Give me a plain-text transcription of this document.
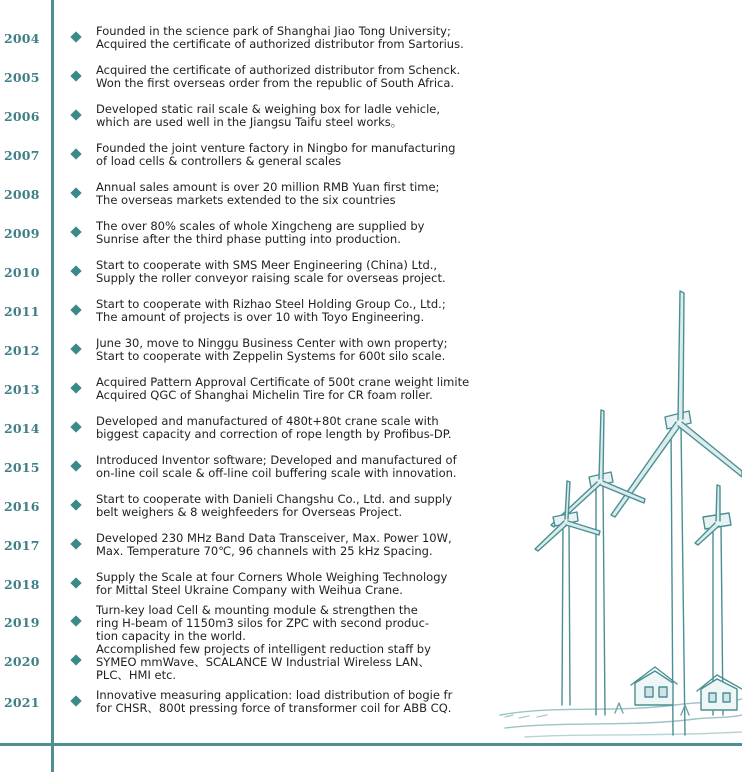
2004	Founded in the science park of Shanghai Jiao Tong University;
Acquired the certificate of authorized distributor from Sartorius.
2005	Acquired the certificate of authorized distributor from Schenck.
Won the first overseas order from the republic of South Africa.
2006	Developed static rail scale & weighing box for ladle vehicle,
which are used well in the Jiangsu Taifu steel works。
2007	Founded the joint venture factory in Ningbo for manufacturing
of load cells & controllers & general scales
2008	Annual sales amount is over 20 million RMB Yuan first time;
The overseas markets extended to the six countries
2009	The over 80% scales of whole Xingcheng are supplied by
Sunrise after the third phase putting into production.
2010	Start to cooperate with SMS Meer Engineering (China) Ltd.,
Supply the roller conveyor raising scale for overseas project.
2011	Start to cooperate with Rizhao Steel Holding Group Co., Ltd.;
The amount of projects is over 10 with Toyo Engineering.
2012	June 30, move to Ninggu Business Center with own property;
Start to cooperate with Zeppelin Systems for 600t silo scale.
2013	Acquired Pattern Approval Certificate of 500t crane weight limite
Acquired QGC of Shanghai Michelin Tire for CR foam roller.
2014	Developed and manufactured of 480t+80t crane scale with
biggest capacity and correction of rope length by Profibus-DP.
2015	Introduced Inventor software; Developed and manufactured of
on-line coil scale & off-line coil buffering scale with innovation.
2016	Start to cooperate with Danieli Changshu Co., Ltd. and supply
belt weighers & 8 weighfeeders for Overseas Project.
2017	Developed 230 MHz Band Data Transceiver, Max. Power 10W,
Max. Temperature 70℃, 96 channels with 25 kHz Spacing.
2018	Supply the Scale at four Corners Whole Weighing Technology
for Mittal Steel Ukraine Company with Weihua Crane.
2019
Turn-key load Cell & mounting module & strengthen the
ring H-beam of 1150m3 silos for ZPC with second produc-
tion capacity in the world.
2020
Accomplished few projects of intelligent reduction staff by
SYMEO mmWave、SCALANCE W Industrial Wireless LAN、
PLC、HMI etc.
2021	Innovative measuring application: load distribution of bogie fr
for CHSR、800t pressing force of transformer coil for ABB CQ.
